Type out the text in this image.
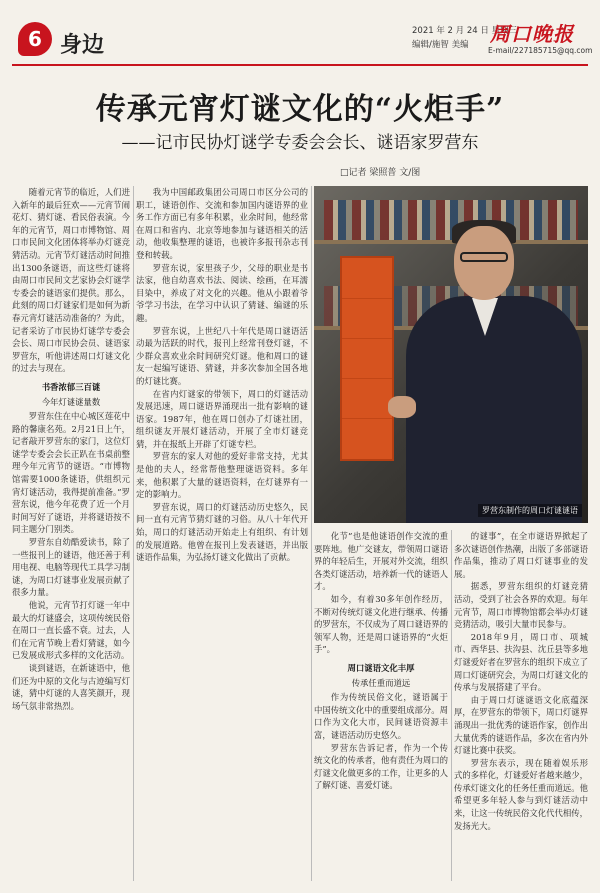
6 身边
2021 年 2 月 24 日 星期三
编辑/施智 美编 周口晚报
E-mail/227185715@qq.com
传承元宵灯谜文化的“火炬手”
——记市民协灯谜学专委会会长、谜语家罗营东
□记者 梁照普 文/图

随着元宵节的临近，人们进入新年的最后狂欢——元宵节闹花灯、猜灯谜、看民俗表演。今年的元宵节，周口市博物馆、周口市民间文化团体将举办灯谜竞猜活动。元宵节灯谜活动时间推出1300条谜语，而这些灯谜将由周口市民间文艺家协会灯谜学专委会的谜语家们提供。那么，此刻的周口灯谜家们是如何为新春元宵灯谜活动准备的？为此，记者采访了市民协灯谜学专委会会长、周口市民协会员、谜语家罗营东，听他讲述周口灯谜文化的过去与现在。

书香浓郁三百谜

今年灯谜谜量数

罗营东住在中心城区莲花中路的馨康名苑。2月21日上午，记者敲开罗营东的家门，这位灯谜学专委会会长正趴在书桌前整理今年元宵节的谜语。“市博物馆需要1000条谜语，供组织元宵灯谜活动，我得提前准备。”罗营东说，他今年花费了近一个月时间写好了谜语，并将谜语按不同主题分门别类。

罗营东自幼酷爱读书，除了一些报刊上的谜语，他还善于利用电视、电脑等现代工具学习制谜，为周口灯谜事业发展贡献了很多力量。

他说，元宵节打灯谜一年中最大的灯谜盛会，这项传统民俗在周口一直长盛不衰。过去，人们在元宵节晚上看灯猜谜，如今已发展成形式多样的文化活动。

谈到谜语，在新谜语中，他们还为中原的文化与古迹编写灯谜，猜中灯谜的人喜笑颜开，现场气氛非常热烈。

我为中国邮政集团公司周口市区分公司的职工，谜语创作、交流和参加国内谜语界的业务工作方面已有多年积累，业余时间，他经常在周口和省内、北京等地参加与谜语相关的活动，他收集整理的谜语，也被许多报刊杂志刊登和转载。

罗营东说，家里孩子少，父母的职业是书法家，他自幼喜欢书法、阅读、绘画，在耳濡目染中，养成了对文化的兴趣。他从小跟着爷爷学习书法，在学习中认识了猜谜、编谜的乐趣。

罗营东说，上世纪八十年代是周口谜语活动最为活跃的时代，报刊上经常刊登灯谜，不少群众喜欢业余时间研究灯谜。他和周口的谜友一起编写谜语、猜谜，并多次参加全国各地的灯谜比赛。

在省内灯谜家的带领下，周口的灯谜活动发展迅速，周口谜语界涌现出一批有影响的谜语家。1987年，他在周口创办了灯谜社团，组织谜友开展灯谜活动，开展了全市灯谜竞猜，并在报纸上开辟了灯谜专栏。

罗营东的家人对他的爱好非常支持，尤其是他的夫人，经常帮他整理谜语资料。多年来，他积累了大量的谜语资料，在灯谜界有一定的影响力。

罗营东说，周口的灯谜活动历史悠久，民间一直有元宵节猜灯谜的习俗。从八十年代开始，周口的灯谜活动开始走上有组织、有计划的发展道路。他曾在报刊上发表谜语，并出版谜语作品集，为弘扬灯谜文化做出了贡献。

罗营东制作的周口灯谜谜语

化节”也是他谜语创作交流的重要阵地。他广交谜友，带领周口谜语界的年轻后生，开展对外交流，组织各类灯谜活动，培养新一代的谜语人才。

如今，有着30多年创作经历，不断对传统灯谜文化进行继承、传播的罗营东，不仅成为了周口谜语界的领军人物，还是周口谜语界的“火炬手”。

周口谜语文化丰厚

传承任重而道远

作为传统民俗文化，谜语属于中国传统文化中的重要组成部分。周口作为文化大市，民间谜语资源丰富，谜语活动历史悠久。

罗营东告诉记者，作为一个传统文化的传承者，他有责任为周口的灯谜文化做更多的工作，让更多的人了解灯谜、喜爱灯谜。

的谜事”，在全市谜语界掀起了多次谜语创作热潮，出版了多部谜语作品集，推动了周口灯谜事业的发展。

据悉，罗营东组织的灯谜竞猜活动，受到了社会各界的欢迎。每年元宵节，周口市博物馆都会举办灯谜竞猜活动，吸引大量市民参与。

2018年9月，周口市、项城市、西华县、扶沟县、沈丘县等多地灯谜爱好者在罗营东的组织下成立了周口灯谜研究会，为周口灯谜文化的传承与发展搭建了平台。

由于周口灯谜谜语文化底蕴深厚，在罗营东的带领下，周口灯谜界涌现出一批优秀的谜语作家，创作出大量优秀的谜语作品，多次在省内外灯谜比赛中获奖。

罗营东表示，现在随着娱乐形式的多样化，灯谜爱好者越来越少，传承灯谜文化的任务任重而道远。他希望更多年轻人参与到灯谜活动中来，让这一传统民俗文化代代相传，发扬光大。
